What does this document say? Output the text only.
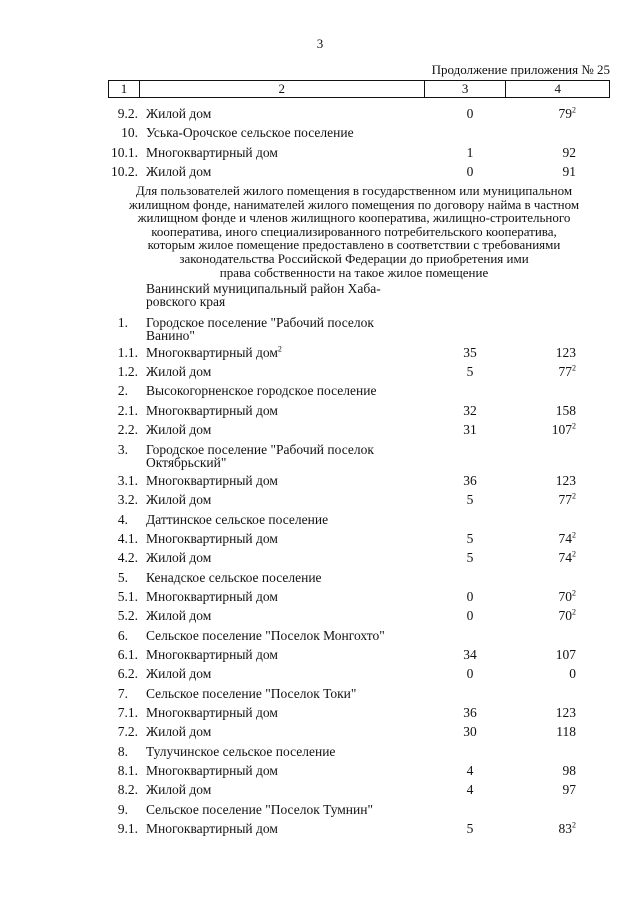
3
Продолжение приложения № 25
1	2	3	4
9.2. Жилой дом	0	$79^2$
10. Уська-Орочское сельское поселение
10.1. Многоквартирный дом	1	92
10.2. Жилой дом	0	91
Для пользователей жилого помещения в государственном или муниципальном
жилищном фонде, нанимателей жилого помещения по договору найма в частном
жилищном фонде и членов жилищного кооператива, жилищно-строительного
кооператива, иного специализированного потребительского кооператива,
которым жилое помещение предоставлено в соответствии с требованиями
законодательства Российской Федерации до приобретения ими
права собственности на такое жилое помещение
Ванинский муниципальный район Хаба-
ровского края
1. Городское поселение "Рабочий поселок
Ванино"
1.1. Многоквартирный дом$^2$	35	123
1.2. Жилой дом	5	$77^2$
2. Высокогорненское городское поселение
2.1. Многоквартирный дом	32	158
2.2. Жилой дом	31	$107^2$
3. Городское поселение "Рабочий поселок
Октябрьский"
3.1. Многоквартирный дом	36	123
3.2. Жилой дом	5	$77^2$
4. Даттинское сельское поселение
4.1. Многоквартирный дом	5	$74^2$
4.2. Жилой дом	5	$74^2$
5. Кенадское сельское поселение
5.1. Многоквартирный дом	0	$70^2$
5.2. Жилой дом	0	$70^2$
6. Сельское поселение "Поселок Монгохто"
6.1. Многоквартирный дом	34	107
6.2. Жилой дом	0	0
7. Сельское поселение "Поселок Токи"
7.1. Многоквартирный дом	36	123
7.2. Жилой дом	30	118
8. Тулучинское сельское поселение
8.1. Многоквартирный дом	4	98
8.2. Жилой дом	4	97
9. Сельское поселение "Поселок Тумнин"
9.1. Многоквартирный дом	5	$83^2$
